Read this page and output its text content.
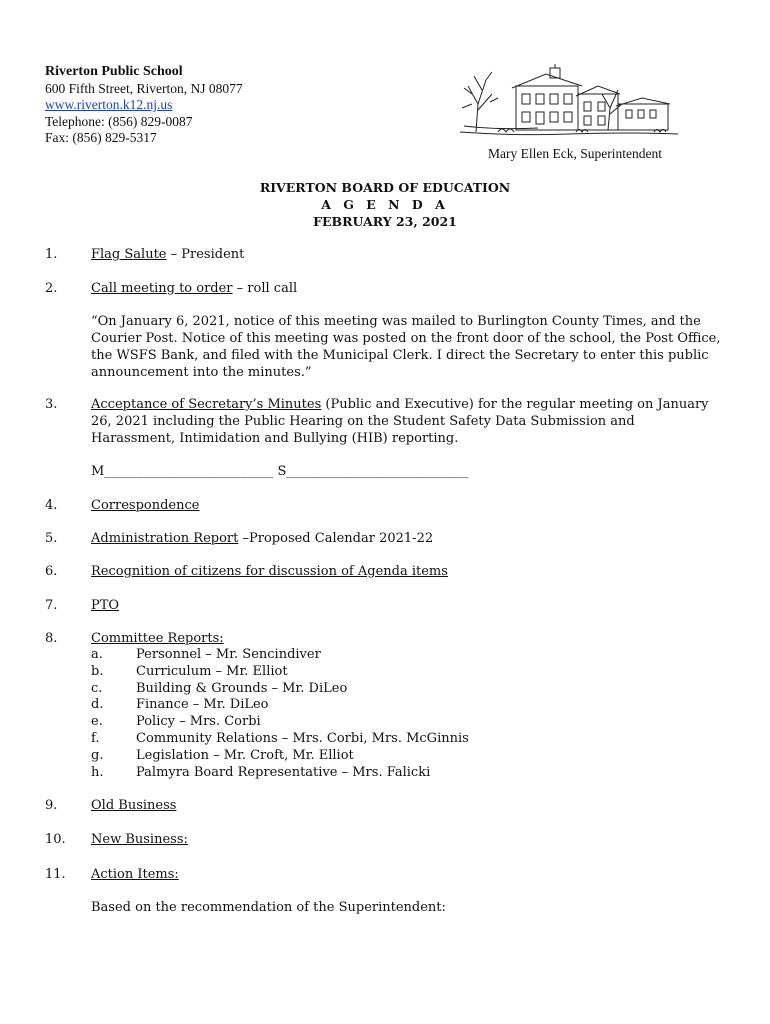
Riverton Public School
600 Fifth Street, Riverton, NJ 08077
www.riverton.k12.nj.us
Telephone: (856) 829-0087
Fax: (856) 829-5317
Mary Ellen Eck, Superintendent
RIVERTON BOARD OF EDUCATION
A G E N D A
FEBRUARY 23, 2021
1.	Flag Salute – President
2.	Call meeting to order – roll call
“On January 6, 2021, notice of this meeting was mailed to Burlington County Times, and the Courier Post. Notice of this meeting was posted on the front door of the school, the Post Office, the WSFS Bank, and filed with the Municipal Clerk. I direct the Secretary to enter this public announcement into the minutes.”
3.	Acceptance of Secretary’s Minutes (Public and Executive) for the regular meeting on January
26, 2021 including the Public Hearing on the Student Safety Data Submission and Harassment, Intimidation and Bullying (HIB) reporting.
M__________________________ S____________________________
4.	Correspondence
5.	Administration Report –Proposed Calendar 2021-22
6.	Recognition of citizens for discussion of Agenda items
7.	PTO
8.	Committee Reports:
a.	Personnel – Mr. Sencindiver
b.	Curriculum – Mr. Elliot
c.	Building & Grounds – Mr. DiLeo
d.	Finance – Mr. DiLeo
e.	Policy – Mrs. Corbi
f.	Community Relations – Mrs. Corbi, Mrs. McGinnis
g.	Legislation – Mr. Croft, Mr. Elliot
h. Palmyra Board Representative – Mrs. Falicki
9.	Old Business
10.	New Business:
11.	Action Items:
Based on the recommendation of the Superintendent:
